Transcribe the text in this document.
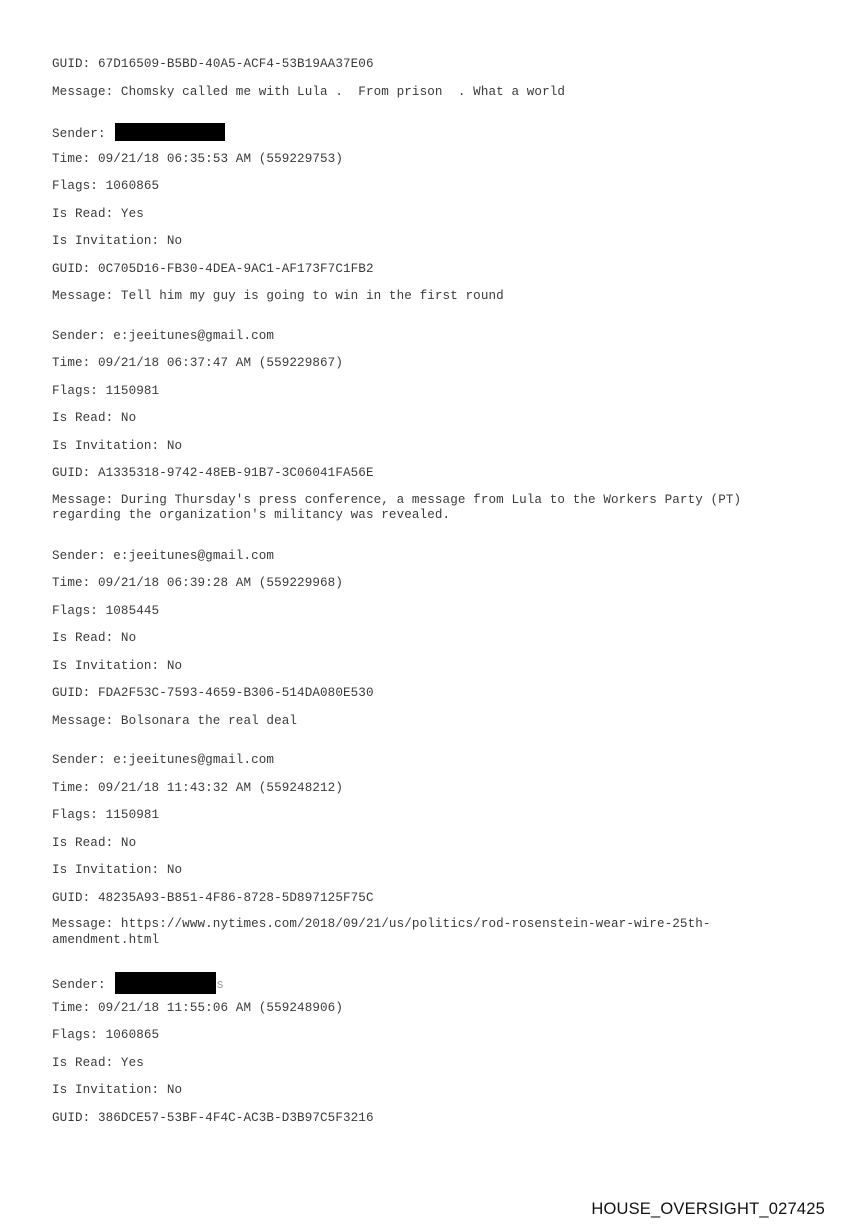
GUID: 67D16509-B5BD-40A5-ACF4-53B19AA37E06
Message: Chomsky called me with Lula .  From prison  . What a world
Sender:
Time: 09/21/18 06:35:53 AM (559229753)
Flags: 1060865
Is Read: Yes
Is Invitation: No
GUID: 0C705D16-FB30-4DEA-9AC1-AF173F7C1FB2
Message: Tell him my guy is going to win in the first round
Sender: e:jeeitunes@gmail.com
Time: 09/21/18 06:37:47 AM (559229867)
Flags: 1150981
Is Read: No
Is Invitation: No
GUID: A1335318-9742-48EB-91B7-3C06041FA56E
Message: During Thursday's press conference, a message from Lula to the Workers Party (PT) regarding the organization's militancy was revealed.
Sender: e:jeeitunes@gmail.com
Time: 09/21/18 06:39:28 AM (559229968)
Flags: 1085445
Is Read: No
Is Invitation: No
GUID: FDA2F53C-7593-4659-B306-514DA080E530
Message: Bolsonara the real deal
Sender: e:jeeitunes@gmail.com
Time: 09/21/18 11:43:32 AM (559248212)
Flags: 1150981
Is Read: No
Is Invitation: No
GUID: 48235A93-B851-4F86-8728-5D897125F75C
Message: https://www.nytimes.com/2018/09/21/us/politics/rod-rosenstein-wear-wire-25th-amendment.html
Sender:	s
Time: 09/21/18 11:55:06 AM (559248906)
Flags: 1060865
Is Read: Yes
Is Invitation: No
GUID: 386DCE57-53BF-4F4C-AC3B-D3B97C5F3216
HOUSE_OVERSIGHT_027425
